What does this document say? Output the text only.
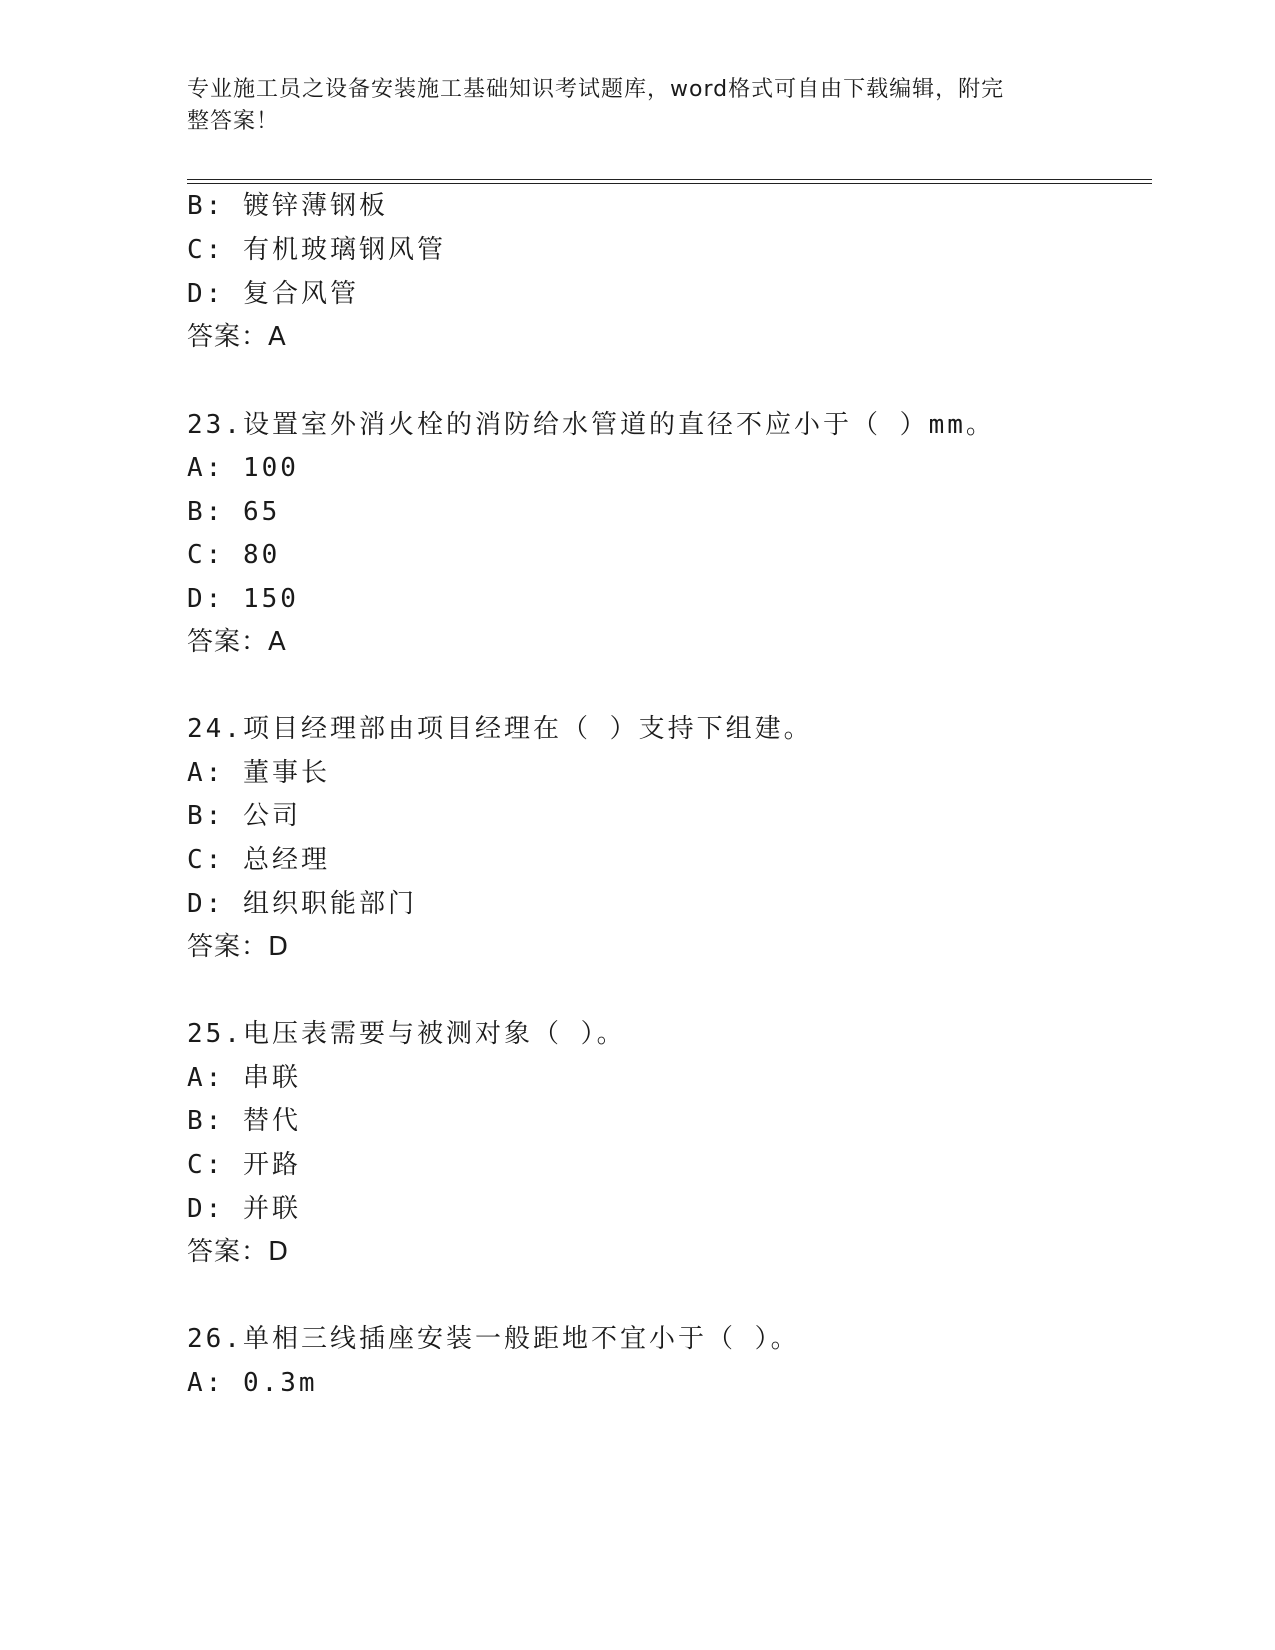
专业施工员之设备安装施工基础知识考试题库，word格式可自由下载编辑，附完
整答案！
B: 镀锌薄钢板
C: 有机玻璃钢风管
D: 复合风管
答案：A
23.设置室外消火栓的消防给水管道的直径不应小于（ ）mm。
A: 100
B: 65
C: 80
D: 150
答案：A
24.项目经理部由项目经理在（ ）支持下组建。
A: 董事长
B: 公司
C: 总经理
D: 组织职能部门
答案：D
25.电压表需要与被测对象（ ）。
A: 串联
B: 替代
C: 开路
D: 并联
答案：D
26.单相三线插座安装一般距地不宜小于（ ）。
A: 0.3m
